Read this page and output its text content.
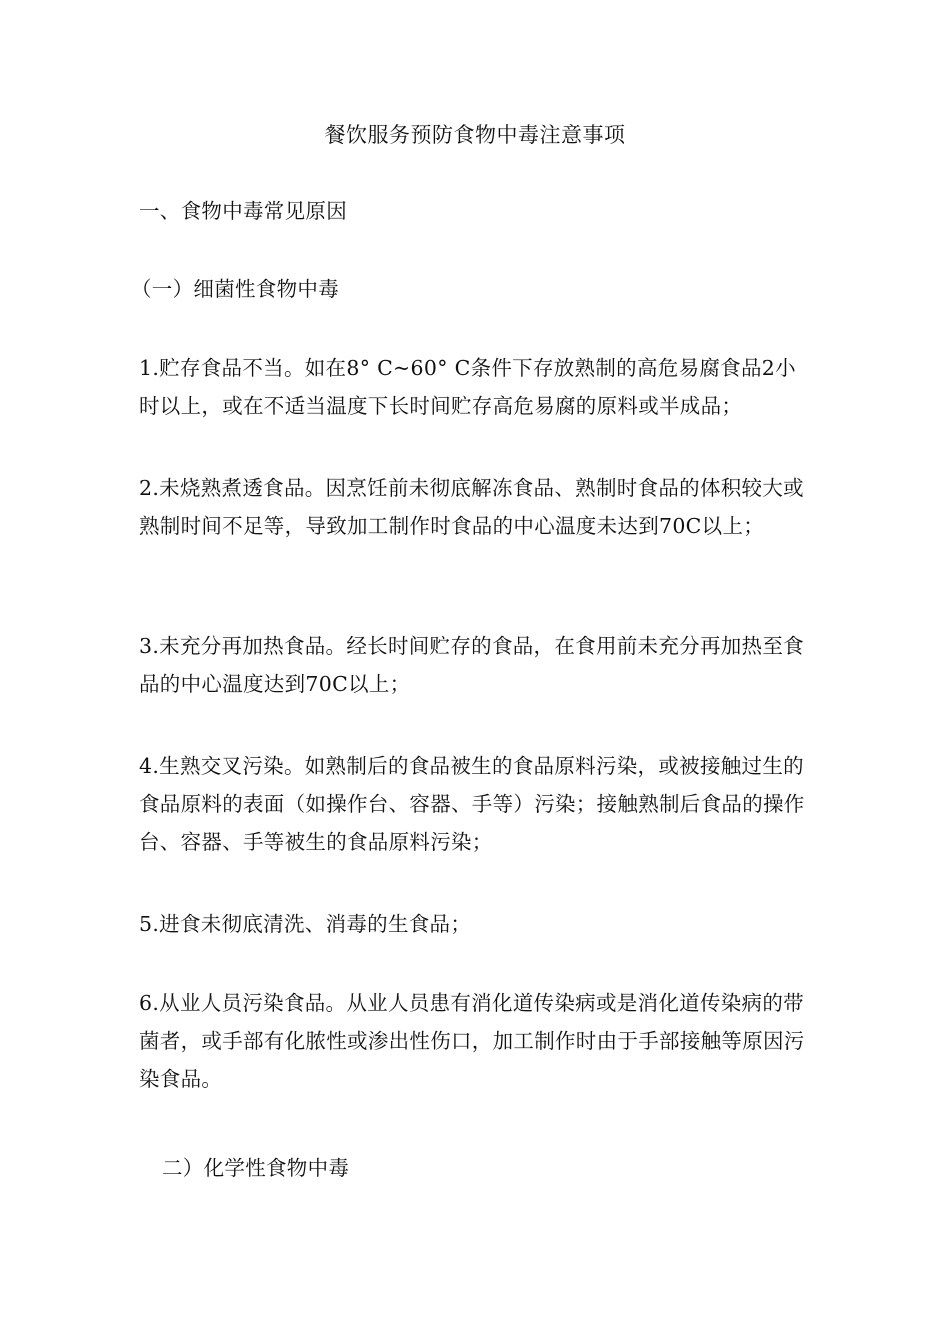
餐饮服务预防食物中毒注意事项

一、食物中毒常见原因

（一）细菌性食物中毒

1.贮存食品不当。如在8° C~60° C条件下存放熟制的高危易腐食品2小时以上，或在不适当温度下长时间贮存高危易腐的原料或半成品；

2.未烧熟煮透食品。因烹饪前未彻底解冻食品、熟制时食品的体积较大或熟制时间不足等，导致加工制作时食品的中心温度未达到70C以上；

3.未充分再加热食品。经长时间贮存的食品，在食用前未充分再加热至食品的中心温度达到70C以上；

4.生熟交叉污染。如熟制后的食品被生的食品原料污染，或被接触过生的食品原料的表面（如操作台、容器、手等）污染；接触熟制后食品的操作台、容器、手等被生的食品原料污染；

5.进食未彻底清洗、消毒的生食品；

6.从业人员污染食品。从业人员患有消化道传染病或是消化道传染病的带菌者，或手部有化脓性或渗出性伤口，加工制作时由于手部接触等原因污染食品。

二）化学性食物中毒
